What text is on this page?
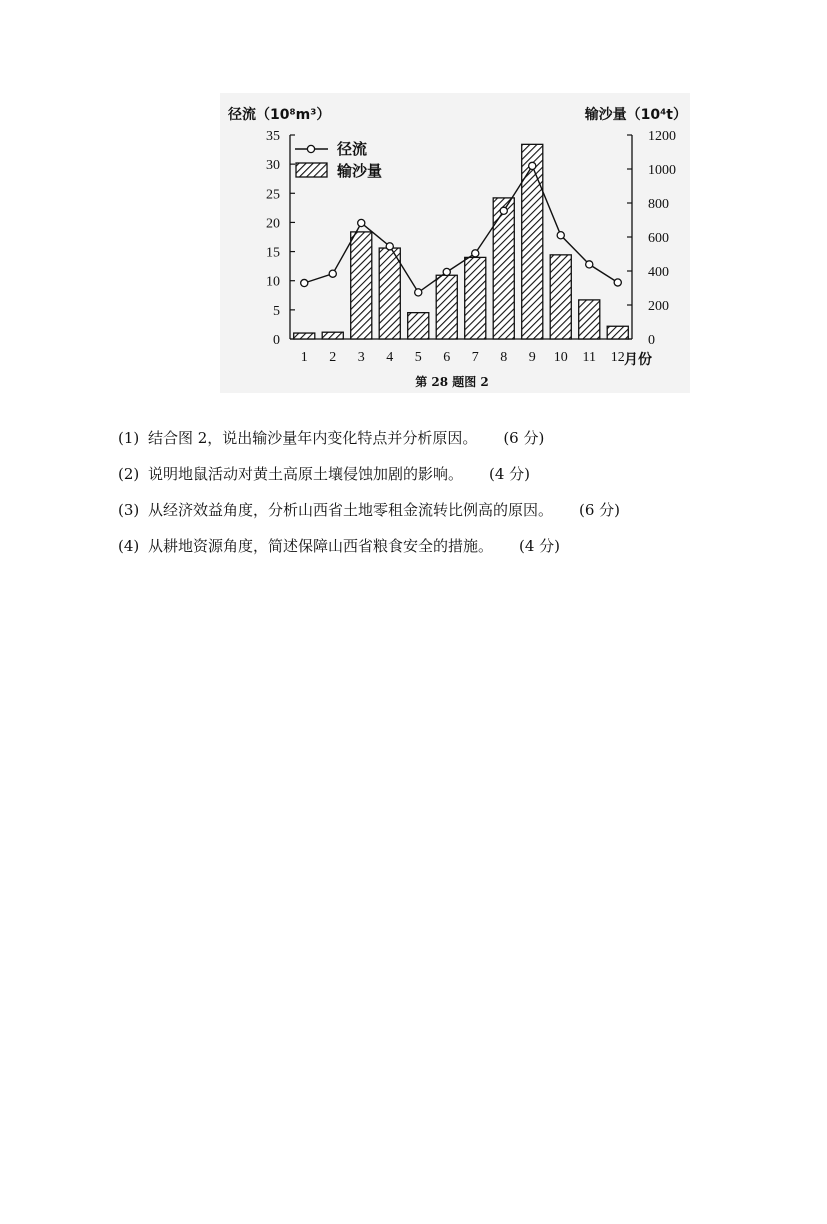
0
5
10
15
20
25
30
35
0
200
400
600
800
1000
1200
1 2 3 4 5 6 7 8 9 10 11 12
径流（10⁸m³）	输沙量（10⁴t）
月份
径流
输沙量
第 28 题图 2
(1) 结合图 2，说出输沙量年内变化特点并分析原因。 (6 分)
(2) 说明地鼠活动对黄土高原土壤侵蚀加剧的影响。 (4 分)
(3) 从经济效益角度，分析山西省土地零租金流转比例高的原因。 (6 分)
(4) 从耕地资源角度，简述保障山西省粮食安全的措施。 (4 分)
